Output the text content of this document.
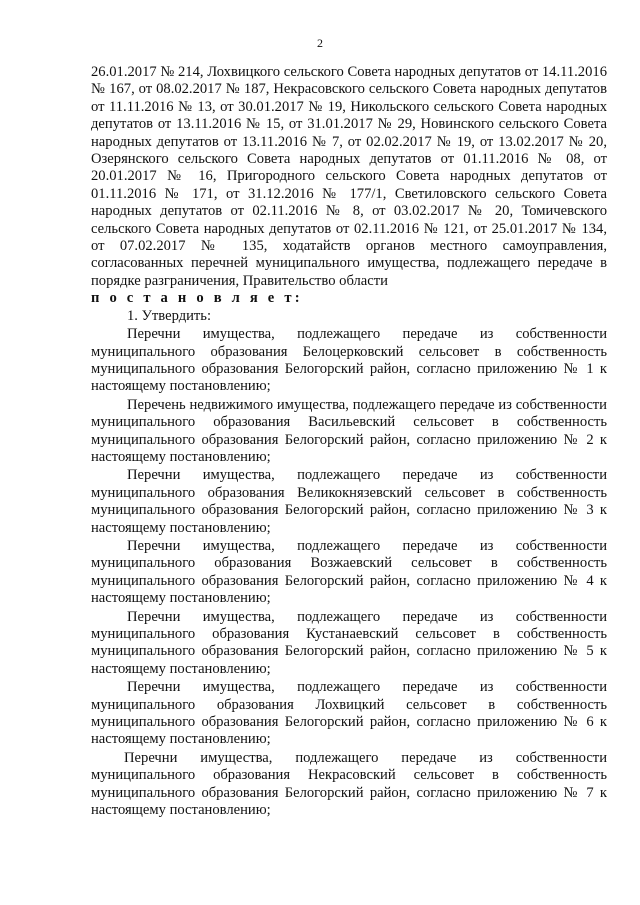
2

26.01.2017 № 214, Лохвицкого сельского Совета народных депутатов от 14.11.2016 № 167, от 08.02.2017 № 187, Некрасовского сельского Совета народных депутатов от 11.11.2016 № 13, от 30.01.2017 № 19, Никольского сельского Совета народных депутатов от 13.11.2016 № 15, от 31.01.2017 № 29, Новинского сельского Совета народных депутатов от 13.11.2016 № 7, от 02.02.2017 № 19, от 13.02.2017 № 20, Озерянского сельского Совета народных депутатов от 01.11.2016 № 08, от 20.01.2017 № 16, Пригородного сельского Совета народных депутатов от 01.11.2016 № 171, от 31.12.2016 № 177/1, Светиловского сельского Совета народных депутатов от 02.11.2016 № 8, от 03.02.2017 № 20, Томичевского сельского Совета народных депутатов от 02.11.2016 № 121, от 25.01.2017 № 134, от 07.02.2017 № 135, ходатайств органов местного самоуправления, согласованных перечней муниципального имущества, подлежащего передаче в порядке разграничения, Правительство области

п о с т а н о в л я е т:

1. Утвердить:

Перечни имущества, подлежащего передаче из собственности муниципального образования Белоцерковский сельсовет в собственность муниципального образования Белогорский район, согласно приложению № 1 к настоящему постановлению;

Перечень недвижимого имущества, подлежащего передаче из собственности муниципального образования Васильевский сельсовет в собственность муниципального образования Белогорский район, согласно приложению № 2 к настоящему постановлению;

Перечни имущества, подлежащего передаче из собственности муниципального образования Великокнязевский сельсовет в собственность муниципального образования Белогорский район, согласно приложению № 3 к настоящему постановлению;

Перечни имущества, подлежащего передаче из собственности муниципального образования Возжаевский сельсовет в собственность муниципального образования Белогорский район, согласно приложению № 4 к настоящему постановлению;

Перечни имущества, подлежащего передаче из собственности муниципального образования Кустанаевский сельсовет в собственность муниципального образования Белогорский район, согласно приложению № 5 к настоящему постановлению;

Перечни имущества, подлежащего передаче из собственности муниципального образования Лохвицкий сельсовет в собственность муниципального образования Белогорский район, согласно приложению № 6 к настоящему постановлению;

Перечни имущества, подлежащего передаче из собственности муниципального образования Некрасовский сельсовет в собственность муниципального образования Белогорский район, согласно приложению № 7 к настоящему постановлению;
